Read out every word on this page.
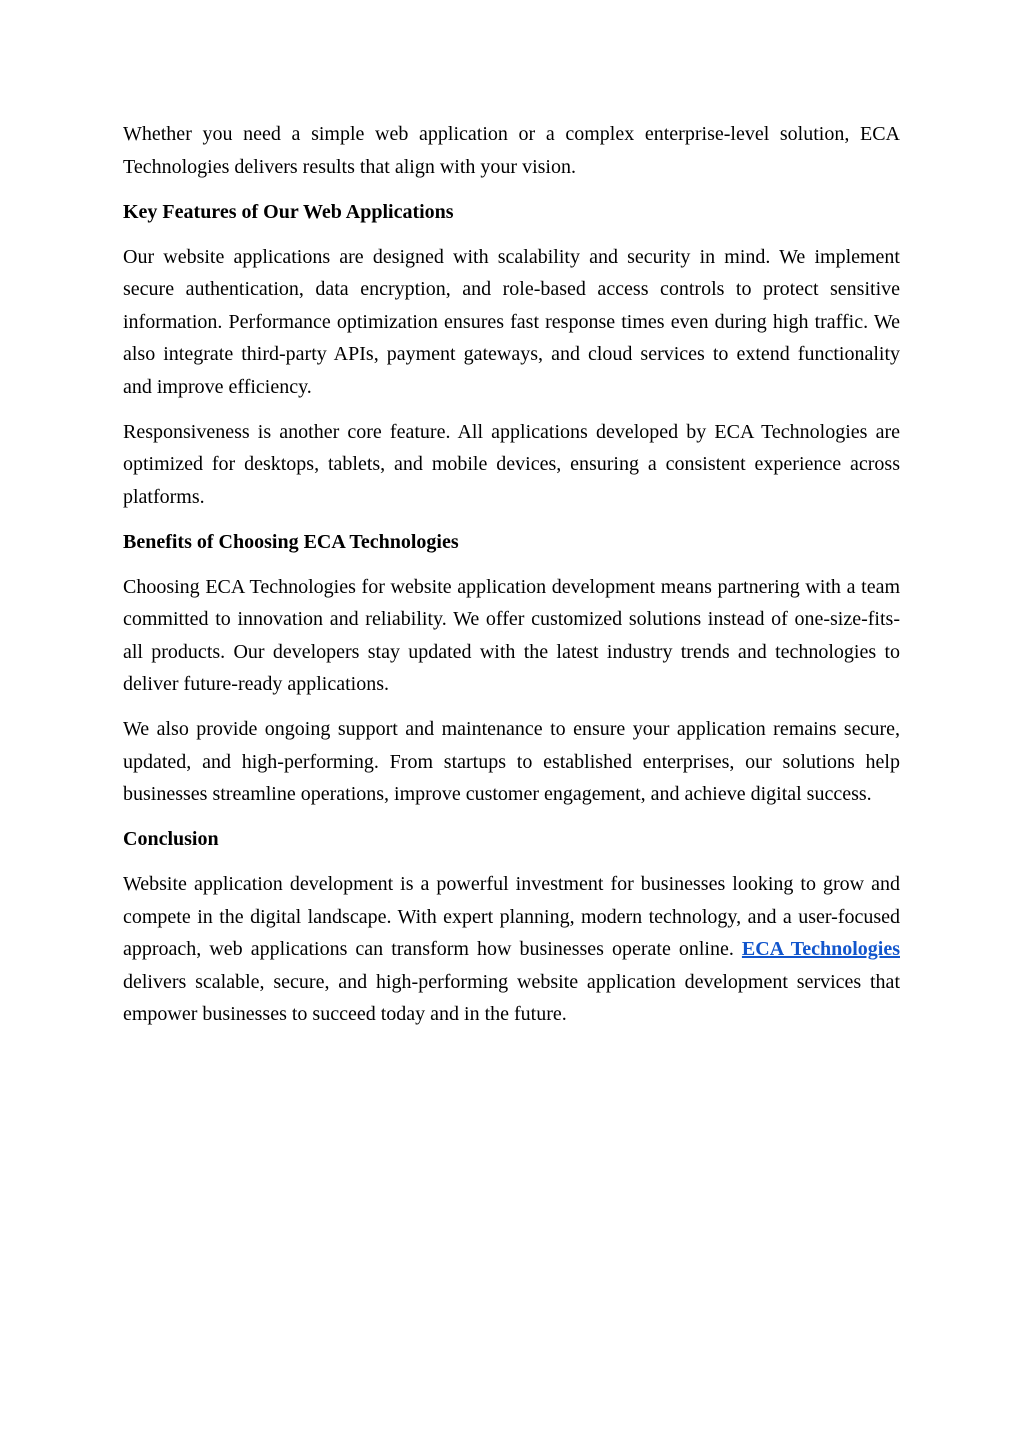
Whether you need a simple web application or a complex enterprise-level solution, ECA Technologies delivers results that align with your vision.

Key Features of Our Web Applications

Our website applications are designed with scalability and security in mind. We implement secure authentication, data encryption, and role-based access controls to protect sensitive information. Performance optimization ensures fast response times even during high traffic. We also integrate third-party APIs, payment gateways, and cloud services to extend functionality and improve efficiency.

Responsiveness is another core feature. All applications developed by ECA Technologies are optimized for desktops, tablets, and mobile devices, ensuring a consistent experience across platforms.

Benefits of Choosing ECA Technologies

Choosing ECA Technologies for website application development means partnering with a team committed to innovation and reliability. We offer customized solutions instead of one-size-fits-all products. Our developers stay updated with the latest industry trends and technologies to deliver future-ready applications.

We also provide ongoing support and maintenance to ensure your application remains secure, updated, and high-performing. From startups to established enterprises, our solutions help businesses streamline operations, improve customer engagement, and achieve digital success.

Conclusion

Website application development is a powerful investment for businesses looking to grow and compete in the digital landscape. With expert planning, modern technology, and a user-focused approach, web applications can transform how businesses operate online. ECA Technologies delivers scalable, secure, and high-performing website application development services that empower businesses to succeed today and in the future.
